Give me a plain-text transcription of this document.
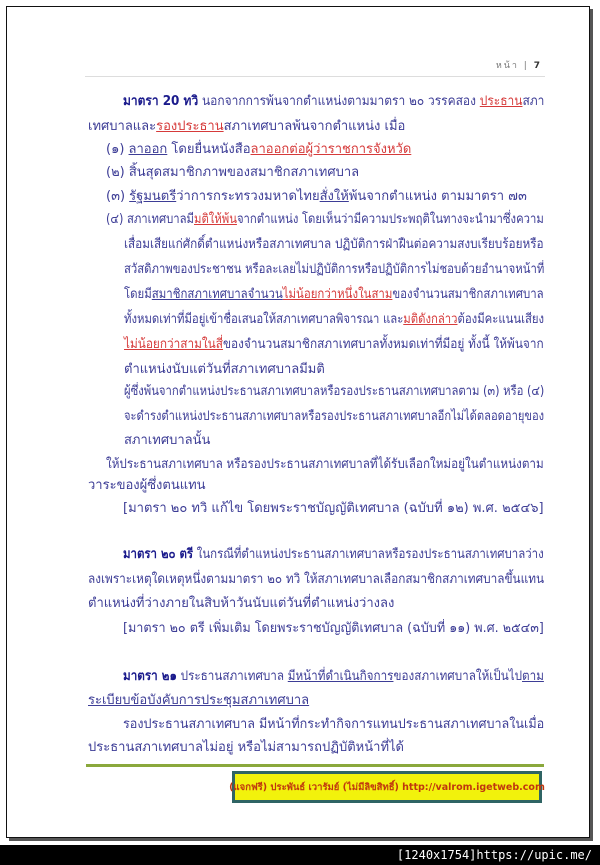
หน้า | 7
มาตรา 20 ทวิ นอกจากการพ้นจากตำแหน่งตามมาตรา ๒๐ วรรคสอง ประธานสภา
เทศบาลและรองประธานสภาเทศบาลพ้นจากตำแหน่ง เมื่อ
(๑) ลาออก โดยยื่นหนังสือลาออกต่อผู้ว่าราชการจังหวัด
(๒) สิ้นสุดสมาชิกภาพของสมาชิกสภาเทศบาล
(๓) รัฐมนตรีว่าการกระทรวงมหาดไทยสั่งให้พ้นจากตำแหน่ง ตามมาตรา ๗๓
(๔) สภาเทศบาลมีมติให้พ้นจากตำแหน่ง โดยเห็นว่ามีความประพฤติในทางจะนำมาซึ่งความ
เสื่อมเสียแก่ศักดิ์ตำแหน่งหรือสภาเทศบาล ปฏิบัติการฝ่าฝืนต่อความสงบเรียบร้อยหรือ
สวัสดิภาพของประชาชน หรือละเลยไม่ปฏิบัติการหรือปฏิบัติการไม่ชอบด้วยอำนาจหน้าที่
โดยมีสมาชิกสภาเทศบาลจำนวนไม่น้อยกว่าหนึ่งในสามของจำนวนสมาชิกสภาเทศบาล
ทั้งหมดเท่าที่มีอยู่เข้าชื่อเสนอให้สภาเทศบาลพิจารณา และมติดังกล่าวต้องมีคะแนนเสียง
ไม่น้อยกว่าสามในสี่ของจำนวนสมาชิกสภาเทศบาลทั้งหมดเท่าที่มีอยู่ ทั้งนี้ ให้พ้นจาก
ตำแหน่งนับแต่วันที่สภาเทศบาลมีมติ
ผู้ซึ่งพ้นจากตำแหน่งประธานสภาเทศบาลหรือรองประธานสภาเทศบาลตาม (๓) หรือ (๔)
จะดำรงตำแหน่งประธานสภาเทศบาลหรือรองประธานสภาเทศบาลอีกไม่ได้ตลอดอายุของ
สภาเทศบาลนั้น
ให้ประธานสภาเทศบาล หรือรองประธานสภาเทศบาลที่ได้รับเลือกใหม่อยู่ในตำแหน่งตาม
วาระของผู้ซึ่งตนแทน
[มาตรา ๒๐ ทวิ แก้ไข โดยพระราชบัญญัติเทศบาล (ฉบับที่ ๑๒) พ.ศ. ๒๕๔๖]
มาตรา ๒๐ ตรี ในกรณีที่ตำแหน่งประธานสภาเทศบาลหรือรองประธานสภาเทศบาลว่าง
ลงเพราะเหตุใดเหตุหนึ่งตามมาตรา ๒๐ ทวิ ให้สภาเทศบาลเลือกสมาชิกสภาเทศบาลขึ้นแทน
ตำแหน่งที่ว่างภายในสิบห้าวันนับแต่วันที่ตำแหน่งว่างลง
[มาตรา ๒๐ ตรี เพิ่มเติม โดยพระราชบัญญัติเทศบาล (ฉบับที่ ๑๑) พ.ศ. ๒๕๔๓]
มาตรา ๒๑ ประธานสภาเทศบาล มีหน้าที่ดำเนินกิจการของสภาเทศบาลให้เป็นไปตาม
ระเบียบข้อบังคับการประชุมสภาเทศบาล
รองประธานสภาเทศบาล มีหน้าที่กระทำกิจการแทนประธานสภาเทศบาลในเมื่อ
ประธานสภาเทศบาลไม่อยู่ หรือไม่สามารถปฏิบัติหน้าที่ได้
(แจกฟรี) ประพันธ์ เวารัมย์ (ไม่มีลิขสิทธิ์) http://valrom.igetweb.com
[1240x1754]https://upic.me/
